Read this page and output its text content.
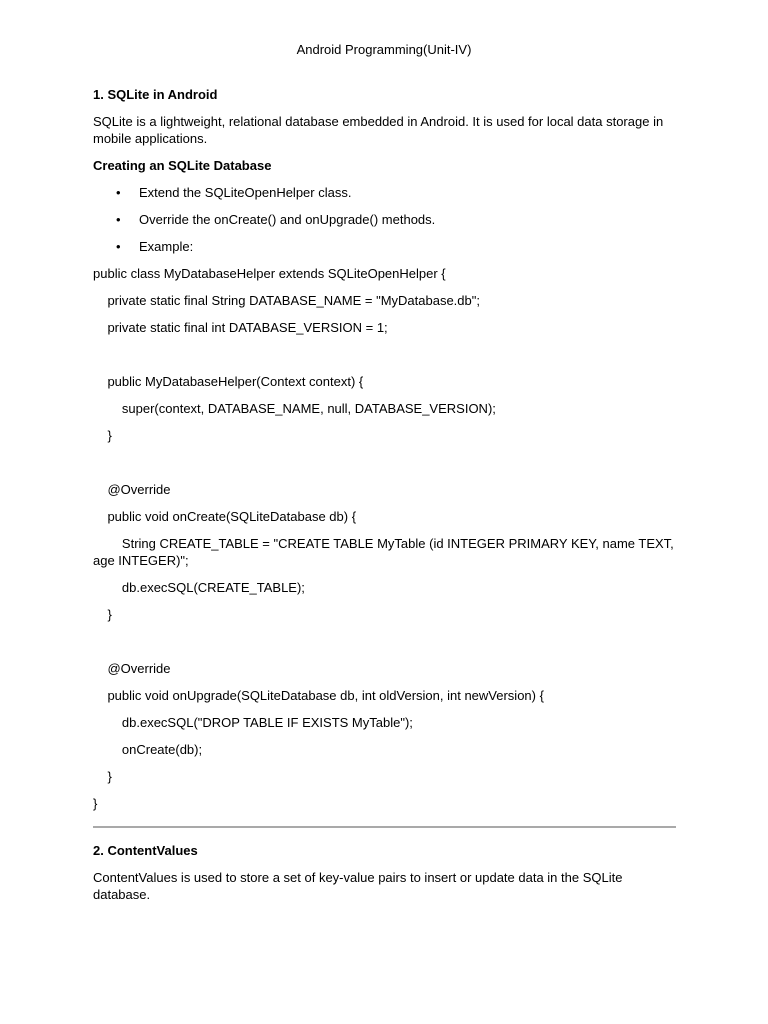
Android Programming(Unit-IV)
1. SQLite in Android
SQLite is a lightweight, relational database embedded in Android. It is used for local data storage in mobile applications.
Creating an SQLite Database
• Extend the SQLiteOpenHelper class.
• Override the onCreate() and onUpgrade() methods.
• Example:
public class MyDatabaseHelper extends SQLiteOpenHelper {
private static final String DATABASE_NAME = "MyDatabase.db";
private static final int DATABASE_VERSION = 1;
public MyDatabaseHelper(Context context) {
super(context, DATABASE_NAME, null, DATABASE_VERSION);
}
@Override
public void onCreate(SQLiteDatabase db) {
String CREATE_TABLE = "CREATE TABLE MyTable (id INTEGER PRIMARY KEY, name TEXT, age INTEGER)";
db.execSQL(CREATE_TABLE);
}
@Override
public void onUpgrade(SQLiteDatabase db, int oldVersion, int newVersion) {
db.execSQL("DROP TABLE IF EXISTS MyTable");
onCreate(db);
}
}
2. ContentValues
ContentValues is used to store a set of key-value pairs to insert or update data in the SQLite database.
